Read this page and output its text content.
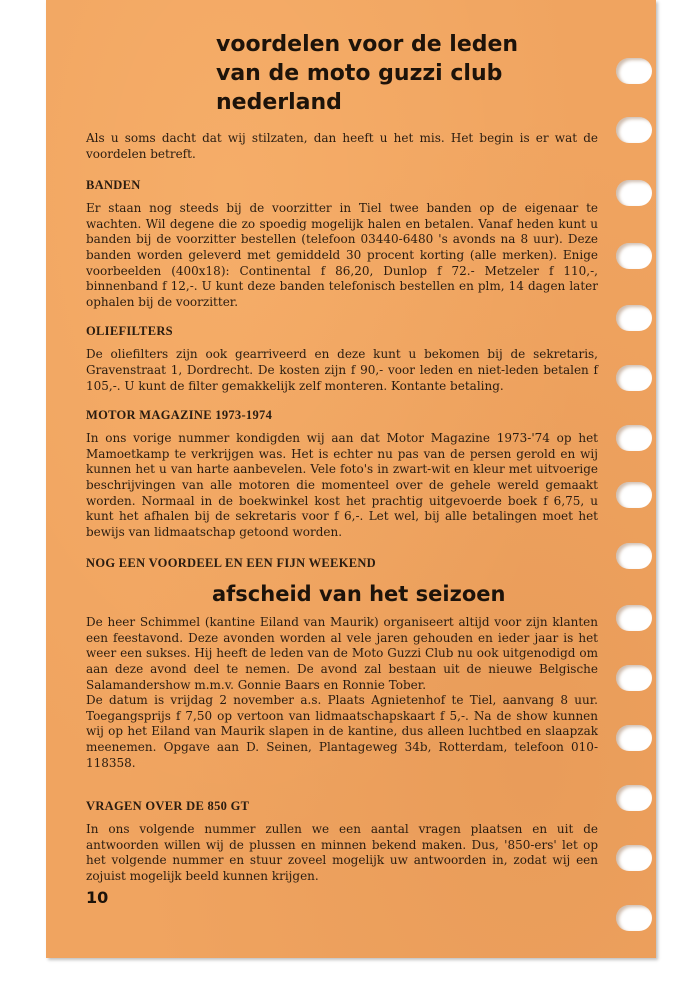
voordelen voor de leden
van de moto guzzi club nederland

Als u soms dacht dat wij stilzaten, dan heeft u het mis. Het begin is er wat de voordelen betreft.

BANDEN

Er staan nog steeds bij de voorzitter in Tiel twee banden op de eigenaar te wachten. Wil degene die zo spoedig mogelijk halen en betalen. Vanaf heden kunt u banden bij de voorzitter bestellen (telefoon 03440-6480 's avonds na 8 uur). Deze banden worden geleverd met gemiddeld 30 procent korting (alle merken). Enige voorbeelden (400x18): Continental f 86,20, Dunlop f 72.- Metzeler f 110,-, binnenband f 12,-. U kunt deze banden telefonisch bestellen en plm, 14 dagen later ophalen bij de voorzitter.

OLIEFILTERS

De oliefilters zijn ook gearriveerd en deze kunt u bekomen bij de sekretaris, Gravenstraat 1, Dordrecht. De kosten zijn f 90,- voor leden en niet-leden betalen f 105,-. U kunt de filter gemakkelijk zelf monteren. Kontante betaling.

MOTOR MAGAZINE 1973-1974

In ons vorige nummer kondigden wij aan dat Motor Magazine 1973-'74 op het Mamoetkamp te verkrijgen was. Het is echter nu pas van de persen gerold en wij kunnen het u van harte aanbevelen. Vele foto's in zwart-wit en kleur met uitvoerige beschrijvingen van alle motoren die momenteel over de gehele wereld gemaakt worden. Normaal in de boekwinkel kost het prachtig uitgevoerde boek f 6,75, u kunt het afhalen bij de sekretaris voor f 6,-. Let wel, bij alle betalingen moet het bewijs van lidmaatschap getoond worden.

NOG EEN VOORDEEL EN EEN FIJN WEEKEND
afscheid van het seizoen

De heer Schimmel (kantine Eiland van Maurik) organiseert altijd voor zijn klanten een feestavond. Deze avonden worden al vele jaren gehouden en ieder jaar is het weer een sukses. Hij heeft de leden van de Moto Guzzi Club nu ook uitgenodigd om aan deze avond deel te nemen. De avond zal bestaan uit de nieuwe Belgische Salamandershow m.m.v. Gonnie Baars en Ronnie Tober.

De datum is vrijdag 2 november a.s. Plaats Agnietenhof te Tiel, aanvang 8 uur. Toegangsprijs f 7,50 op vertoon van lidmaatschapskaart f 5,-. Na de show kunnen wij op het Eiland van Maurik slapen in de kantine, dus alleen luchtbed en slaapzak meenemen. Opgave aan D. Seinen, Plantageweg 34b, Rotterdam, telefoon 010-118358.

VRAGEN OVER DE 850 GT

In ons volgende nummer zullen we een aantal vragen plaatsen en uit de antwoorden willen wij de plussen en minnen bekend maken. Dus, '850-ers' let op het volgende nummer en stuur zoveel mogelijk uw antwoorden in, zodat wij een zojuist mogelijk beeld kunnen krijgen.

10
